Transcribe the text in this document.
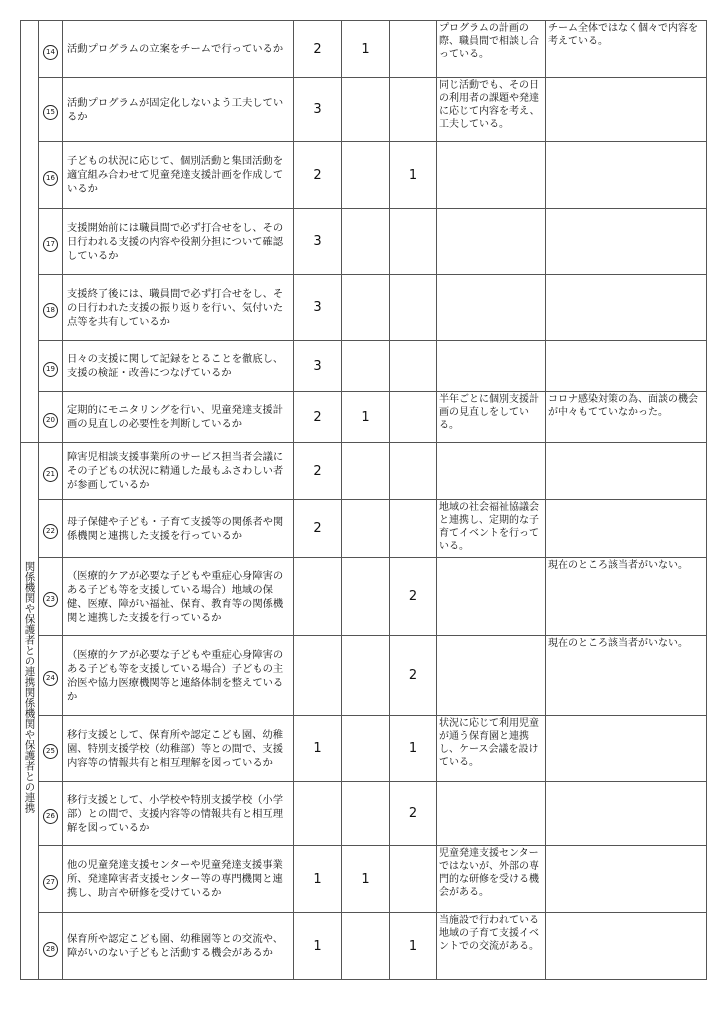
	14	活動プログラムの立案をチームで行っているか	2	1		プログラムの計画の際、職員間で相談し合っている。	チーム全体ではなく個々で内容を考えている。
	15	活動プログラムが固定化しないよう工夫しているか	3			同じ活動でも、その日の利用者の課題や発達に応じて内容を考え、工夫している。	
	16	子どもの状況に応じて、個別活動と集団活動を適宜組み合わせて児童発達支援計画を作成しているか	2		1		
	17	支援開始前には職員間で必ず打合せをし、その日行われる支援の内容や役割分担について確認しているか	3				
	18	支援終了後には、職員間で必ず打合せをし、その日行われた支援の振り返りを行い、気付いた点等を共有しているか	3				
	19	日々の支援に関して記録をとることを徹底し、支援の検証・改善につなげているか	3				
	20	定期的にモニタリングを行い、児童発達支援計画の見直しの必要性を判断しているか	2	1		半年ごとに個別支援計画の見直しをしている。	コロナ感染対策の為、面談の機会が中々もてていなかった。

関係機関や保護者との連携関係機関や保護者との連携	21	障害児相談支援事業所のサービス担当者会議にその子どもの状況に精通した最もふさわしい者が参画しているか	2				
	22	母子保健や子ども・子育て支援等の関係者や関係機関と連携した支援を行っているか	2			地域の社会福祉協議会と連携し、定期的な子育てイベントを行っている。	
	23	（医療的ケアが必要な子どもや重症心身障害のある子ども等を支援している場合）地域の保健、医療、障がい福祉、保育、教育等の関係機関と連携した支援を行っているか			2		現在のところ該当者がいない。
	24	（医療的ケアが必要な子どもや重症心身障害のある子ども等を支援している場合）子どもの主治医や協力医療機関等と連絡体制を整えているか			2		現在のところ該当者がいない。
	25	移行支援として、保育所や認定こども園、幼稚園、特別支援学校（幼稚部）等との間で、支援内容等の情報共有と相互理解を図っているか	1		1	状況に応じて利用児童が通う保育園と連携し、ケース会議を設けている。	
	26	移行支援として、小学校や特別支援学校（小学部）との間で、支援内容等の情報共有と相互理解を図っているか			2		
	27	他の児童発達支援センターや児童発達支援事業所、発達障害者支援センター等の専門機関と連携し、助言や研修を受けているか	1	1		児童発達支援センターではないが、外部の専門的な研修を受ける機会がある。	
	28	保育所や認定こども園、幼稚園等との交流や、障がいのない子どもと活動する機会があるか	1		1	当施設で行われている地域の子育て支援イベントでの交流がある。	
